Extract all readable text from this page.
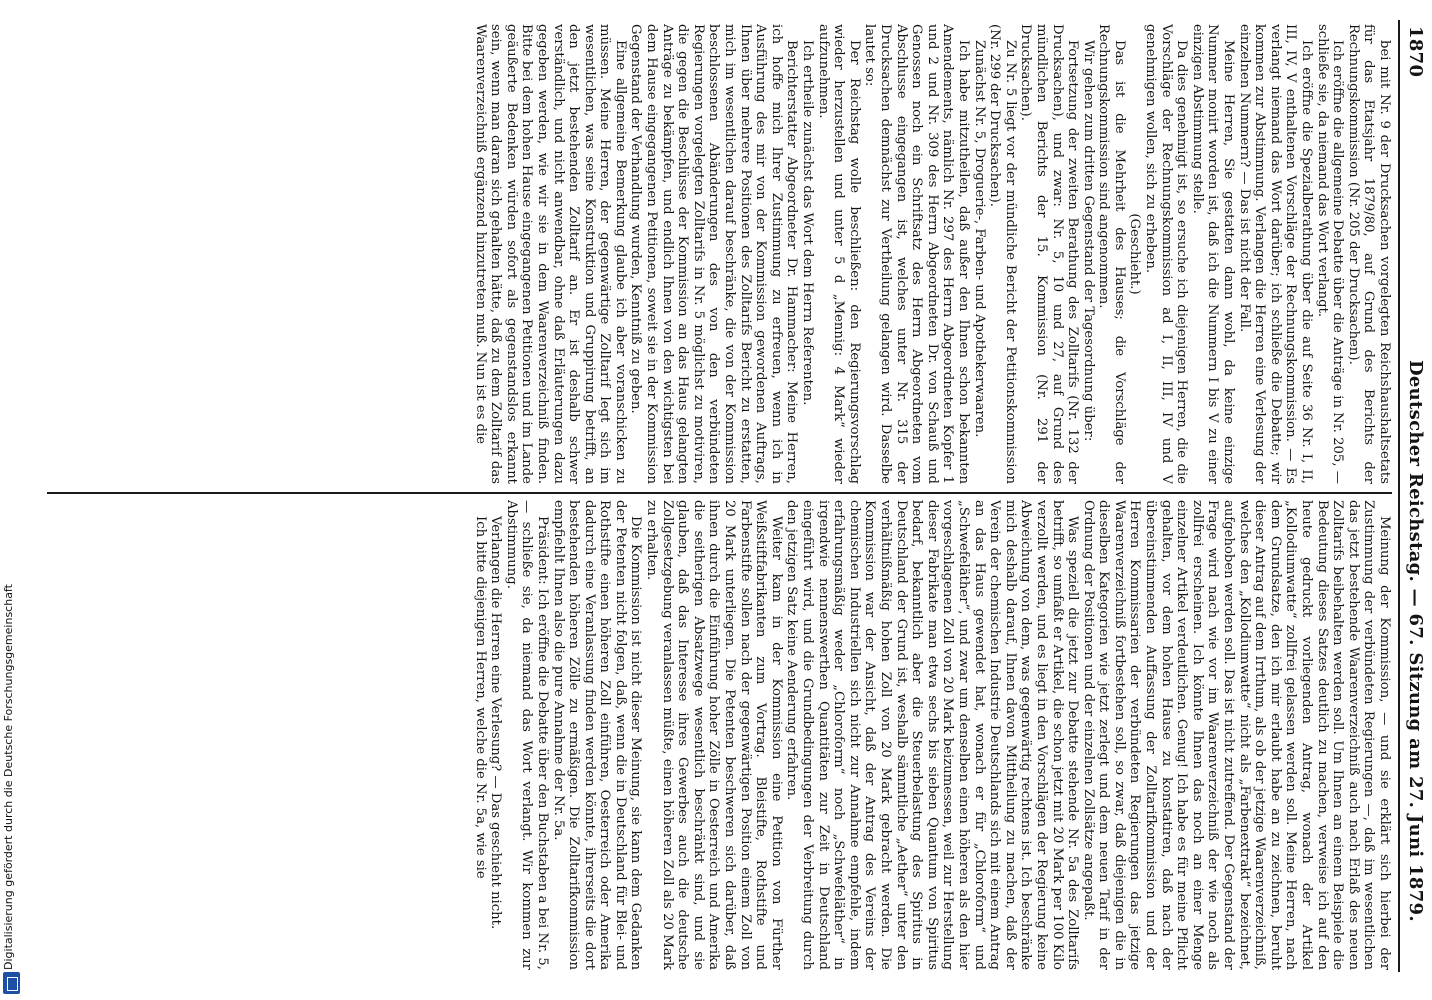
1870
Deutscher Reichstag. — 67. Sitzung am 27. Juni 1879.

bei mit Nr. 9 der Drucksachen vorgelegten Reichshaushaltsetats für das Etatsjahr 1879/80, auf Grund des Berichts der Rechnungskommission (Nr. 205 der Drucksachen).

Ich eröffne die allgemeine Debatte über die Anträge in Nr. 205, — schließe sie, da niemand das Wort verlangt.

Ich eröffne die Spezialberathung über die auf Seite 36 Nr. I, II, III, IV, V enthaltenen Vorschläge der Rechnungskommission. — Es verlangt niemand das Wort darüber; ich schließe die Debatte; wir kommen zur Abstimmung. Verlangen die Herren eine Verlesung der einzelnen Nummern? — Das ist nicht der Fall.

Meine Herren, Sie gestatten dann wohl, da keine einzige Nummer monirt worden ist, daß ich die Nummern I bis V zu einer einzigen Abstimmung stelle.

Da dies genehmigt ist, so ersuche ich diejenigen Herren, die die Vorschläge der Rechnungskommission ad I, II, III, IV und V genehmigen wollen, sich zu erheben.

(Geschieht.)

Das ist die Mehrheit des Hauses; die Vorschläge der Rechnungskommission sind angenommen.

Wir gehen zum dritten Gegenstand der Tagesordnung über:

Fortsetzung der zweiten Berathung des Zolltarifs (Nr. 132 der Drucksachen), und zwar: Nr. 5, 10 und 27, auf Grund des mündlichen Berichts der 15. Kommission (Nr. 291 der Drucksachen).

Zu Nr. 5 liegt vor der mündliche Bericht der Petitionskommission (Nr. 299 der Drucksachen).

Zunächst Nr. 5, Droguerie-, Farben- und Apothekerwaaren.

Ich habe mitzutheilen, daß außer den Ihnen schon bekannten Amendements, nämlich Nr. 297 des Herrn Abgeordneten Kopfer 1 und 2 und Nr. 309 des Herrn Abgeordneten Dr. von Schauß und Genossen noch ein Schriftsatz des Herrn Abgeordneten vom Abschlusse eingegangen ist, welches unter Nr. 315 der Drucksachen demnächst zur Vertheilung gelangen wird. Dasselbe lautet so:

Der Reichstag wolle beschließen: den Regierungsvorschlag wieder herzustellen und unter 5 d „Mennig: 4 Mark“ wieder aufzunehmen.

Ich ertheile zunächst das Wort dem Herrn Referenten.

Berichterstatter Abgeordneter Dr. Hammacher: Meine Herren, ich hoffe mich Ihrer Zustimmung zu erfreuen, wenn ich in Ausführung des mir von der Kommission gewordenen Auftrags, Ihnen über mehrere Positionen des Zolltarifs Bericht zu erstatten, mich im wesentlichen darauf beschränke, die von der Kommission beschlossenen Abänderungen des von den verbündeten Regierungen vorgelegten Zolltarifs in Nr. 5 möglichst zu motiviren, die gegen die Beschlüsse der Kommission an das Haus gelangten Anträge zu bekämpfen, und endlich Ihnen von den wichtigsten bei dem Hause eingegangenen Petitionen, soweit sie in der Kommission Gegenstand der Verhandlung wurden, Kenntniß zu geben.

Eine allgemeine Bemerkung glaube ich aber voranschicken zu müssen. Meine Herren, der gegenwärtige Zolltarif legt sich im wesentlichen, was seine Konstruktion und Gruppirung betrifft, an den jetzt bestehenden Zolltarif an. Er ist deshalb schwer verständlich, und nicht anwendbar, ohne daß Erläuterungen dazu gegeben werden, wie wir sie in dem Waarenverzeichniß finden. Bitte bei dem hohen Hause eingegangenen Petitionen und im Lande geäußerte Bedenken würden sofort als gegenstandslos erkannt sein, wenn man daran sich gehalten hätte, daß zu dem Zolltarif das Waarenverzeichniß ergänzend hinzutreten muß. Nun ist es die

Meinung der Kommission, — und sie erklärt sich hierbei der Zustimmung der verbündeten Regierungen —, daß im wesentlichen das jetzt bestehende Waarenverzeichniß auch nach Erlaß des neuen Zolltarifs beibehalten werden soll. Um Ihnen an einem Beispiele die Bedeutung dieses Satzes deutlich zu machen, verweise ich auf den heute gedruckt vorliegenden Antrag, wonach der Artikel „Kollodiumwatte“ zollfrei gelassen werden soll. Meine Herren, nach dem Grundsatze, den ich mir erlaubt habe an zu zeichnen, beruht dieser Antrag auf dem Irrthum, als ob der jetzige Waarenverzeichniß, welches den „Kollodiumwatte“ nicht als „Farbenextrakt“ bezeichnet, aufgehoben werden soll. Das ist nicht zutreffend. Der Gegenstand der Frage wird nach wie vor im Waarenverzeichniß der wie noch als zollfrei erscheinen. Ich könnte Ihnen das noch an einer Menge einzelner Artikel verdeutlichen. Genug! Ich habe es für meine Pflicht gehalten, vor dem hohen Hause zu konstatiren, daß nach der übereinstimmenden Auffassung der Zolltarifkommission und der Herren Kommissarien der verbündeten Regierungen das jetzige Waarenverzeichniß fortbestehen soll, so zwar, daß diejenigen die in dieselben Kategorien wie jetzt zerlegt und dem neuen Tarif in der Ordnung der Positionen und der einzelnen Zollsätze angepaßt.

Was speziell die jetzt zur Debatte stehende Nr. 5a des Zolltarifs betrifft, so umfaßt er Artikel, die schon jetzt mit 20 Mark per 100 Kilo verzollt werden, und es liegt in den Vorschlägen der Regierung keine Abweichung von dem, was gegenwärtig rechtens ist. Ich beschränke mich deshalb darauf, Ihnen davon Mittheilung zu machen, daß der Verein der chemischen Industrie Deutschlands sich mit einem Antrag an das Haus gewendet hat, wonach er für „Chloroform“ und „Schwefeläther“, und zwar um denselben einen höheren als den hier vorgeschlagenen Zoll von 20 Mark beizumessen, weil zur Herstellung dieser Fabrikate man etwa sechs bis sieben Quantum von Spiritus bedarf, bekanntlich aber die Steuerbelastung des Spiritus in Deutschland der Grund ist, weshalb sämmtliche „Aether“ unter den verhältnißmäßig hohen Zoll von 20 Mark gebracht werden. Die Kommission war der Ansicht, daß der Antrag des Vereins der chemischen Industriellen sich nicht zur Annahme empfehle, indem erfahrungsmäßig weder „Chloroform“ noch „Schwefeläther“ in irgendwie nennenswerthen Quantitäten zur Zeit in Deutschland eingeführt wird, und die Grundbedingungen der Verbreitung durch den jetzigen Satz keine Aenderung erfahren.

Weiter kam in der Kommission eine Petition von Fürther Weißstiftfabrikanten zum Vortrag. Bleistifte, Rothstifte und Farbenstifte sollen nach der gegenwärtigen Position einem Zoll von 20 Mark unterliegen. Die Petenten beschweren sich darüber, daß ihnen durch die Einführung hoher Zölle in Oesterreich und Amerika die seitherigen Absatzwege wesentlich beschränkt sind, und sie glauben, daß das Interesse ihres Gewerbes auch die deutsche Zollgesetzgebung veranlassen müßte, einen höheren Zoll als 20 Mark zu erhalten.

Die Kommission ist nicht dieser Meinung, sie kann dem Gedanken der Petenten nicht folgen, daß, wenn die in Deutschland für Blei- und Rothstifte einen höheren Zoll einführen, Oesterreich oder Amerika dadurch eine Veranlassung finden werden könnte, ihrerseits die dort bestehenden höheren Zölle zu ermäßigen. Die Zolltarifkommission empfiehlt Ihnen also die pure Annahme der Nr. 5a.

Präsident: Ich eröffne die Debatte über den Buchstaben a bei Nr. 5, — schließe sie, da niemand das Wort verlangt. Wir kommen zur Abstimmung.

Verlangen die Herren eine Verlesung? — Das geschieht nicht.

Ich bitte diejenigen Herren, welche die Nr. 5a, wie sie

Digitalisierung gefördert durch die Deutsche Forschungsgemeinschaft
